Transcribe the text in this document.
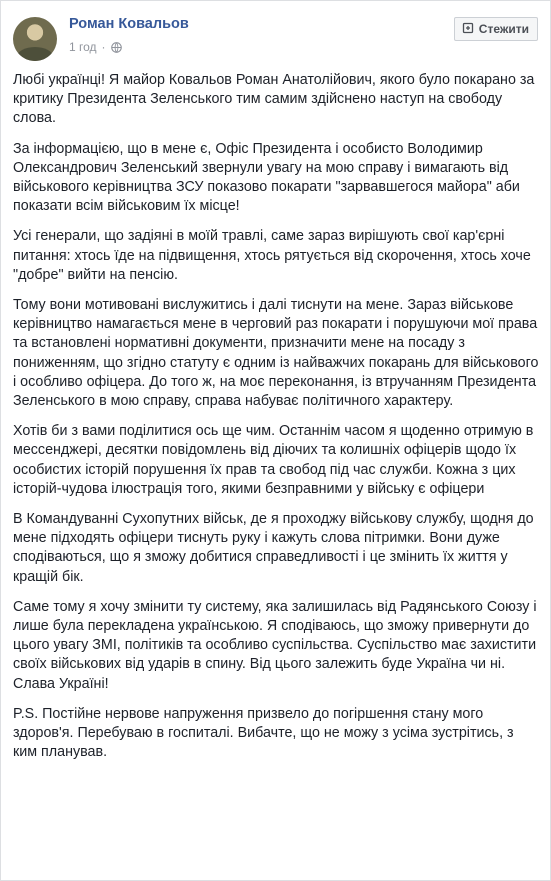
Роман Ковальов
1 год ·
Стежити

Любі українці! Я майор Ковальов Роман Анатолійович, якого було покарано за критику Президента Зеленського тим самим здійснено наступ на свободу слова.

За інформацією, що в мене є, Офіс Президента і особисто Володимир Олександрович Зеленський звернули увагу на мою справу і вимагають від військового керівництва ЗСУ показово покарати "зарвавшегося майора" аби показати всім військовим їх місце!

Усі генерали, що задіяні в моїй травлі, саме зараз вирішують свої кар'єрні питання: хтось їде на підвищення, хтось рятується від скорочення, хтось хоче "добре" вийти на пенсію.

Тому вони мотивовані вислужитись і далі тиснути на мене. Зараз військове керівництво намагається мене в черговий раз покарати і порушуючи мої права та встановлені нормативні документи, призначити мене на посаду з пониженням, що згідно статуту є одним із найважчих покарань для військового і особливо офіцера. До того ж, на моє переконання, із втручанням Президента Зеленського в мою справу, справа набуває політичного характеру.

Хотів би з вами поділитися ось ще чим. Останнім часом я щоденно отримую в мессенджері, десятки повідомлень від діючих та колишніх офіцерів щодо їх особистих історій порушення їх прав та свобод під час служби. Кожна з цих історій-чудова ілюстрація того, якими безправними у війську є офіцери

В Командуванні Сухопутних військ, де я проходжу військову службу, щодня до мене підходять офіцери тиснуть руку і кажуть слова пітримки. Вони дуже сподіваються, що я зможу добитися справедливості і це змінить їх життя у кращій бік.

Саме тому я хочу змінити ту систему, яка залишилась від Радянського Союзу і лише була перекладена українською. Я сподіваюсь, що зможу привернути до цього увагу ЗМІ, політиків та особливо суспільства. Суспільство має захистити своїх військових від ударів в спину. Від цього залежить буде Україна чи ні. Слава Україні!

P.S. Постійне нервове напруження призвело до погіршення стану мого здоров'я. Перебуваю в госпиталі. Вибачте, що не можу з усіма зустрітись, з ким планував.
